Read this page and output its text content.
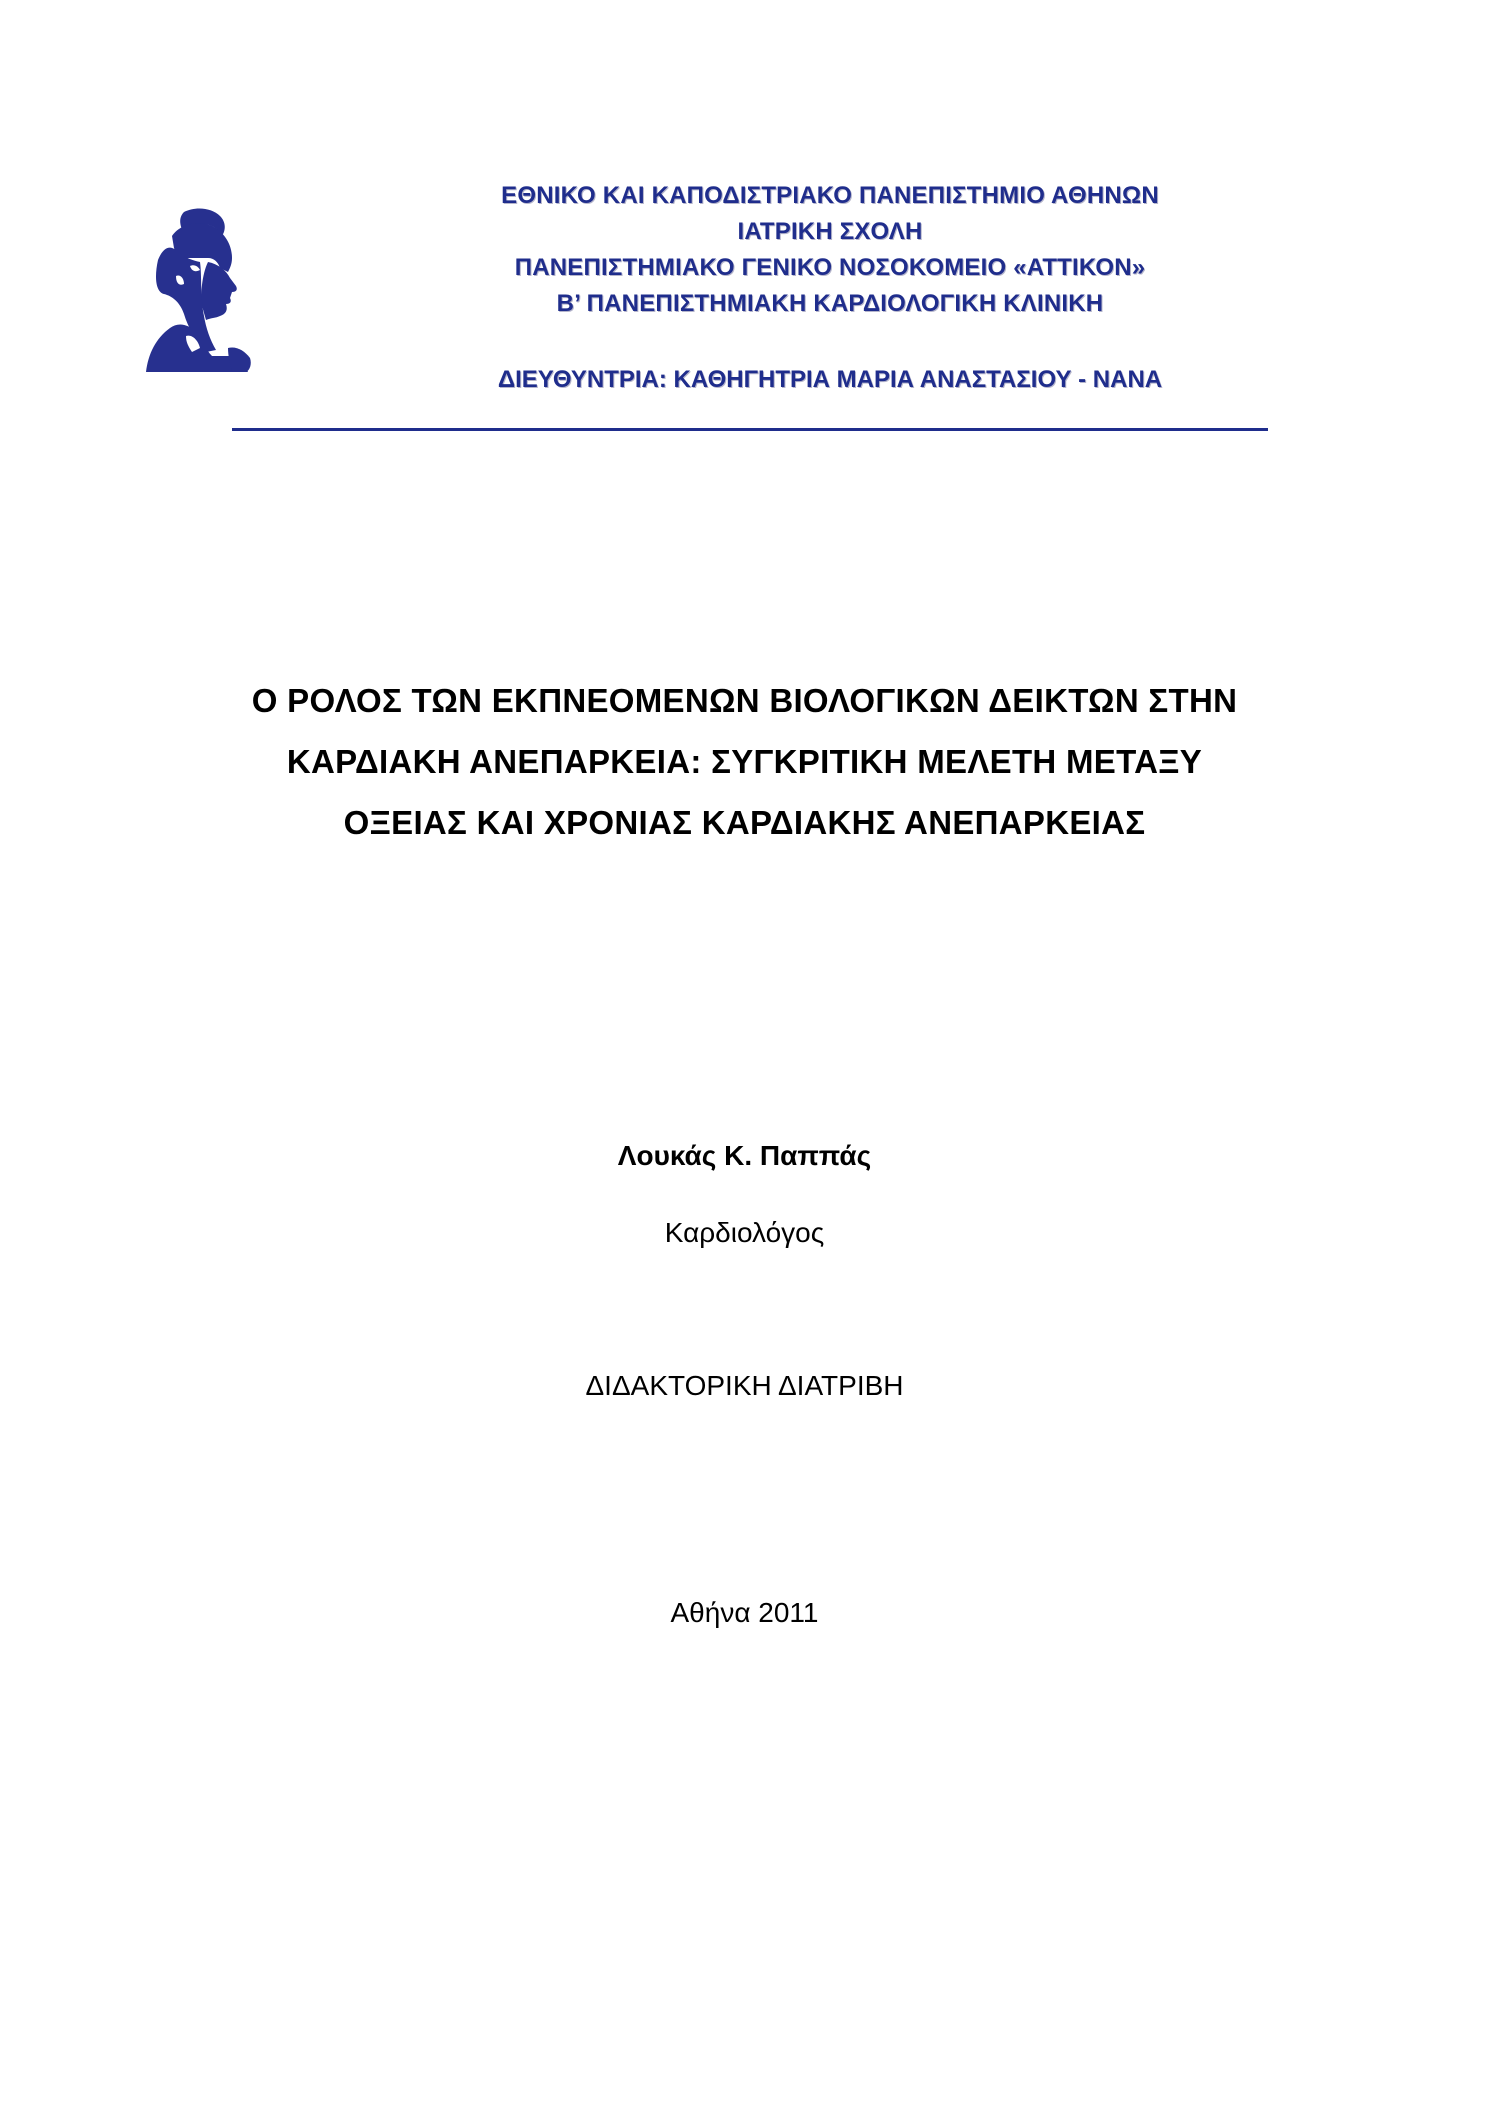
ΕΘΝΙΚΟ ΚΑΙ ΚΑΠΟΔΙΣΤΡΙΑΚΟ ΠΑΝΕΠΙΣΤΗΜΙΟ ΑΘΗΝΩΝ
ΙΑΤΡΙΚΗ ΣΧΟΛΗ
ΠΑΝΕΠΙΣΤΗΜΙΑΚΟ ΓΕΝΙΚΟ ΝΟΣΟΚΟΜΕΙΟ «ΑΤΤΙΚΟΝ»
Β’ ΠΑΝΕΠΙΣΤΗΜΙΑΚΗ ΚΑΡΔΙΟΛΟΓΙΚΗ ΚΛΙΝΙΚΗ
ΔΙΕΥΘΥΝΤΡΙΑ: ΚΑΘΗΓΗΤΡΙΑ ΜΑΡΙΑ ΑΝΑΣΤΑΣΙΟΥ - ΝΑΝΑ
Ο ΡΟΛΟΣ ΤΩΝ ΕΚΠΝΕΟΜΕΝΩΝ ΒΙΟΛΟΓΙΚΩΝ ΔΕΙΚΤΩΝ ΣΤΗΝ
ΚΑΡΔΙΑΚΗ ΑΝΕΠΑΡΚΕΙΑ: ΣΥΓΚΡΙΤΙΚΗ ΜΕΛΕΤΗ ΜΕΤΑΞΥ
ΟΞΕΙΑΣ ΚΑΙ ΧΡΟΝΙΑΣ ΚΑΡΔΙΑΚΗΣ ΑΝΕΠΑΡΚΕΙΑΣ
Λουκάς Κ. Παππάς
Καρδιολόγος
ΔΙΔΑΚΤΟΡΙΚΗ ΔΙΑΤΡΙΒΗ
Αθήνα 2011
